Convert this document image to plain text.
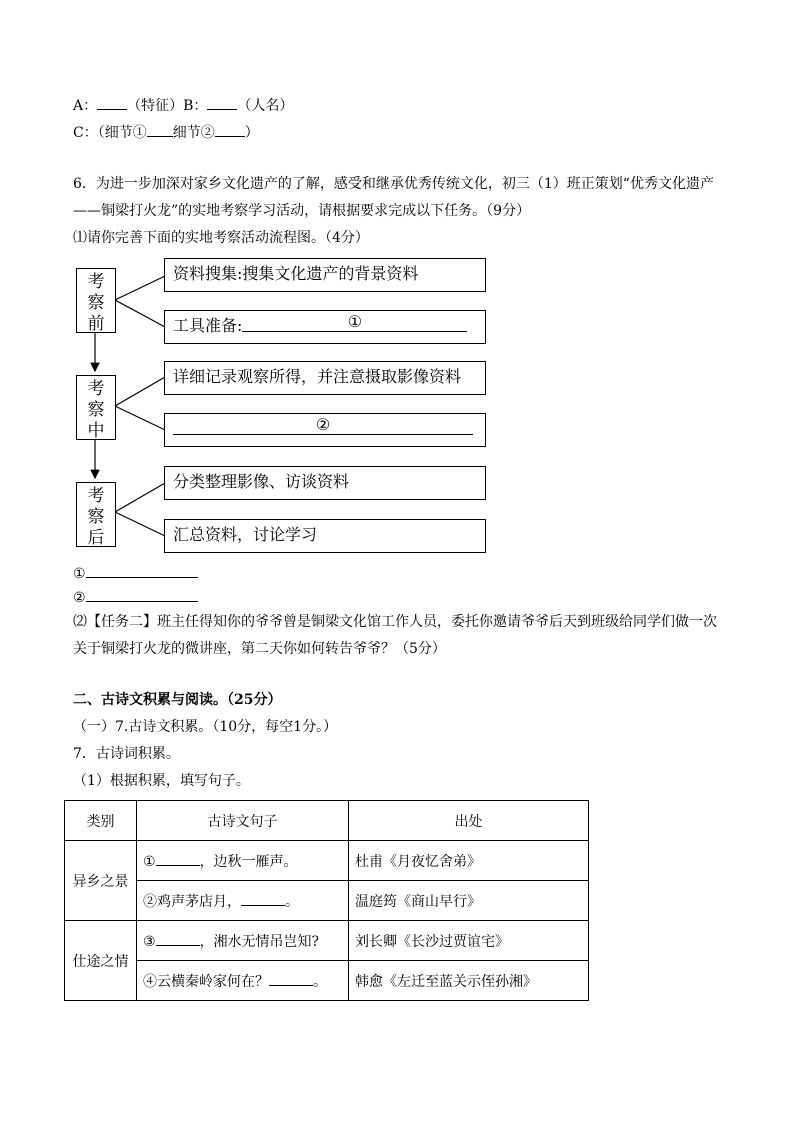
A： （特征）B： （人名）
C：（细节① 细节② ）
6．为进一步加深对家乡文化遗产的了解，感受和继承优秀传统文化，初三（1）班正策划“优秀文化遗产
——铜梁打火龙”的实地考察学习活动，请根据要求完成以下任务。（9分）
⑴请你完善下面的实地考察活动流程图。（4分）
考察前
考察中
考察后
资料搜集:搜集文化遗产的背景资料
工具准备:	①
详细记录观察所得，并注意摄取影像资料
②
分类整理影像、访谈资料
汇总资料，讨论学习
①
②
⑵【任务二】班主任得知你的爷爷曾是铜梁文化馆工作人员，委托你邀请爷爷后天到班级给同学们做一次
关于铜梁打火龙的微讲座，第二天你如何转告爷爷？（5分）
二、古诗文积累与阅读。（25分）
（一）7.古诗文积累。（10分，每空1分。）
7．古诗词积累。
（1）根据积累，填写句子。
类别	古诗文句子	出处
异乡之景	① ，边秋一雁声。	杜甫《月夜忆舍弟》
	②鸡声茅店月， 。	温庭筠《商山早行》
仕途之情	③ ，湘水无情吊岂知?	刘长卿《长沙过贾谊宅》
	④云横秦岭家何在？ 。	韩愈《左迁至蓝关示侄孙湘》
